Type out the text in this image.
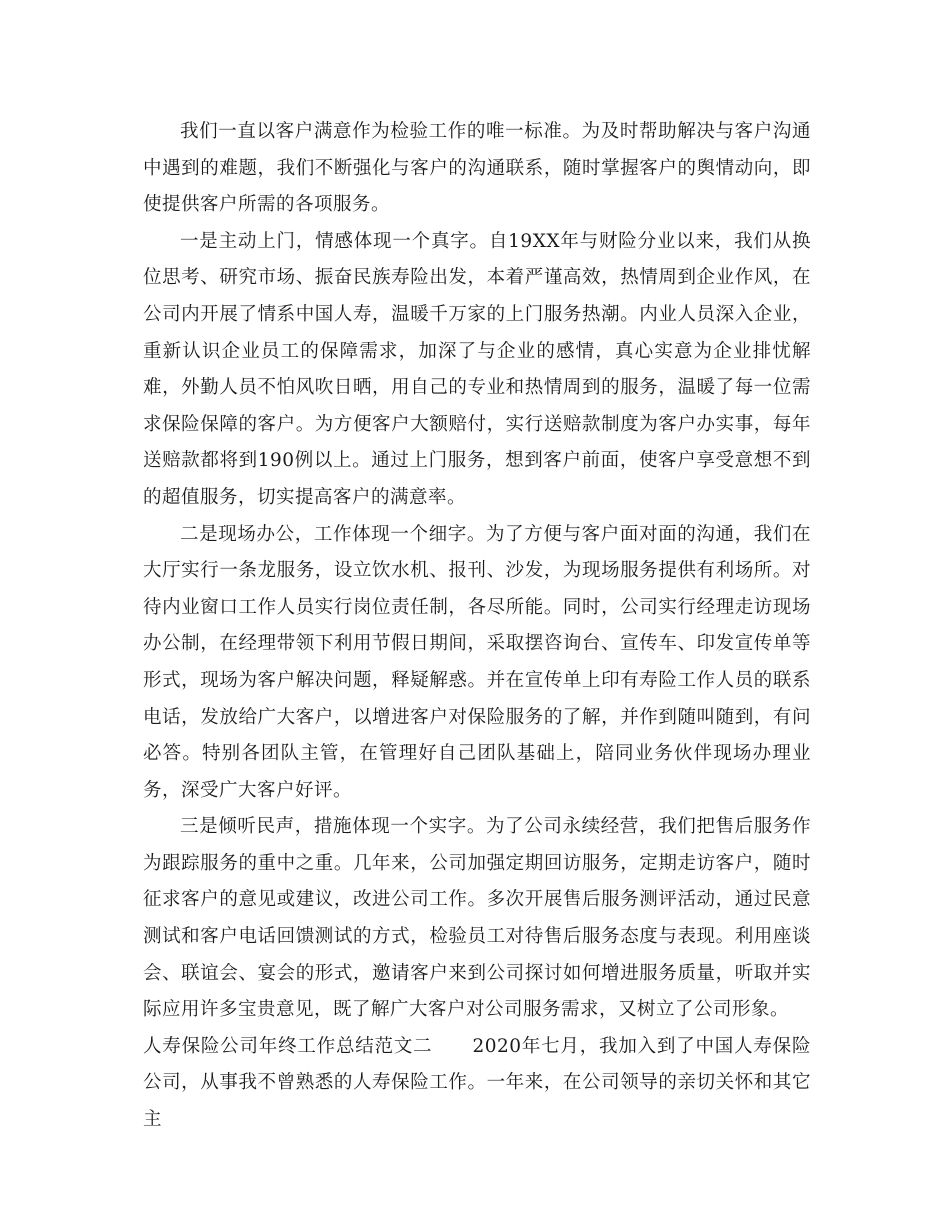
我们一直以客户满意作为检验工作的唯一标准。为及时帮助解决与客户沟通中遇到的难题，我们不断强化与客户的沟通联系，随时掌握客户的舆情动向，即使提供客户所需的各项服务。

一是主动上门，情感体现一个真字。自19XX年与财险分业以来，我们从换位思考、研究市场、振奋民族寿险出发，本着严谨高效，热情周到企业作风，在公司内开展了情系中国人寿，温暖千万家的上门服务热潮。内业人员深入企业，重新认识企业员工的保障需求，加深了与企业的感情，真心实意为企业排忧解难，外勤人员不怕风吹日晒，用自己的专业和热情周到的服务，温暖了每一位需求保险保障的客户。为方便客户大额赔付，实行送赔款制度为客户办实事，每年送赔款都将到190例以上。通过上门服务，想到客户前面，使客户享受意想不到的超值服务，切实提高客户的满意率。

二是现场办公，工作体现一个细字。为了方便与客户面对面的沟通，我们在大厅实行一条龙服务，设立饮水机、报刊、沙发，为现场服务提供有利场所。对待内业窗口工作人员实行岗位责任制，各尽所能。同时，公司实行经理走访现场办公制，在经理带领下利用节假日期间，采取摆咨询台、宣传车、印发宣传单等形式，现场为客户解决问题，释疑解惑。并在宣传单上印有寿险工作人员的联系电话，发放给广大客户，以增进客户对保险服务的了解，并作到随叫随到，有问必答。特别各团队主管，在管理好自己团队基础上，陪同业务伙伴现场办理业务，深受广大客户好评。

三是倾听民声，措施体现一个实字。为了公司永续经营，我们把售后服务作为跟踪服务的重中之重。几年来，公司加强定期回访服务，定期走访客户，随时征求客户的意见或建议，改进公司工作。多次开展售后服务测评活动，通过民意测试和客户电话回馈测试的方式，检验员工对待售后服务态度与表现。利用座谈会、联谊会、宴会的形式，邀请客户来到公司探讨如何增进服务质量，听取并实际应用许多宝贵意见，既了解广大客户对公司服务需求，又树立了公司形象。

人寿保险公司年终工作总结范文二 2020年七月，我加入到了中国人寿保险公司，从事我不曾熟悉的人寿保险工作。一年来，在公司领导的亲切关怀和其它主
